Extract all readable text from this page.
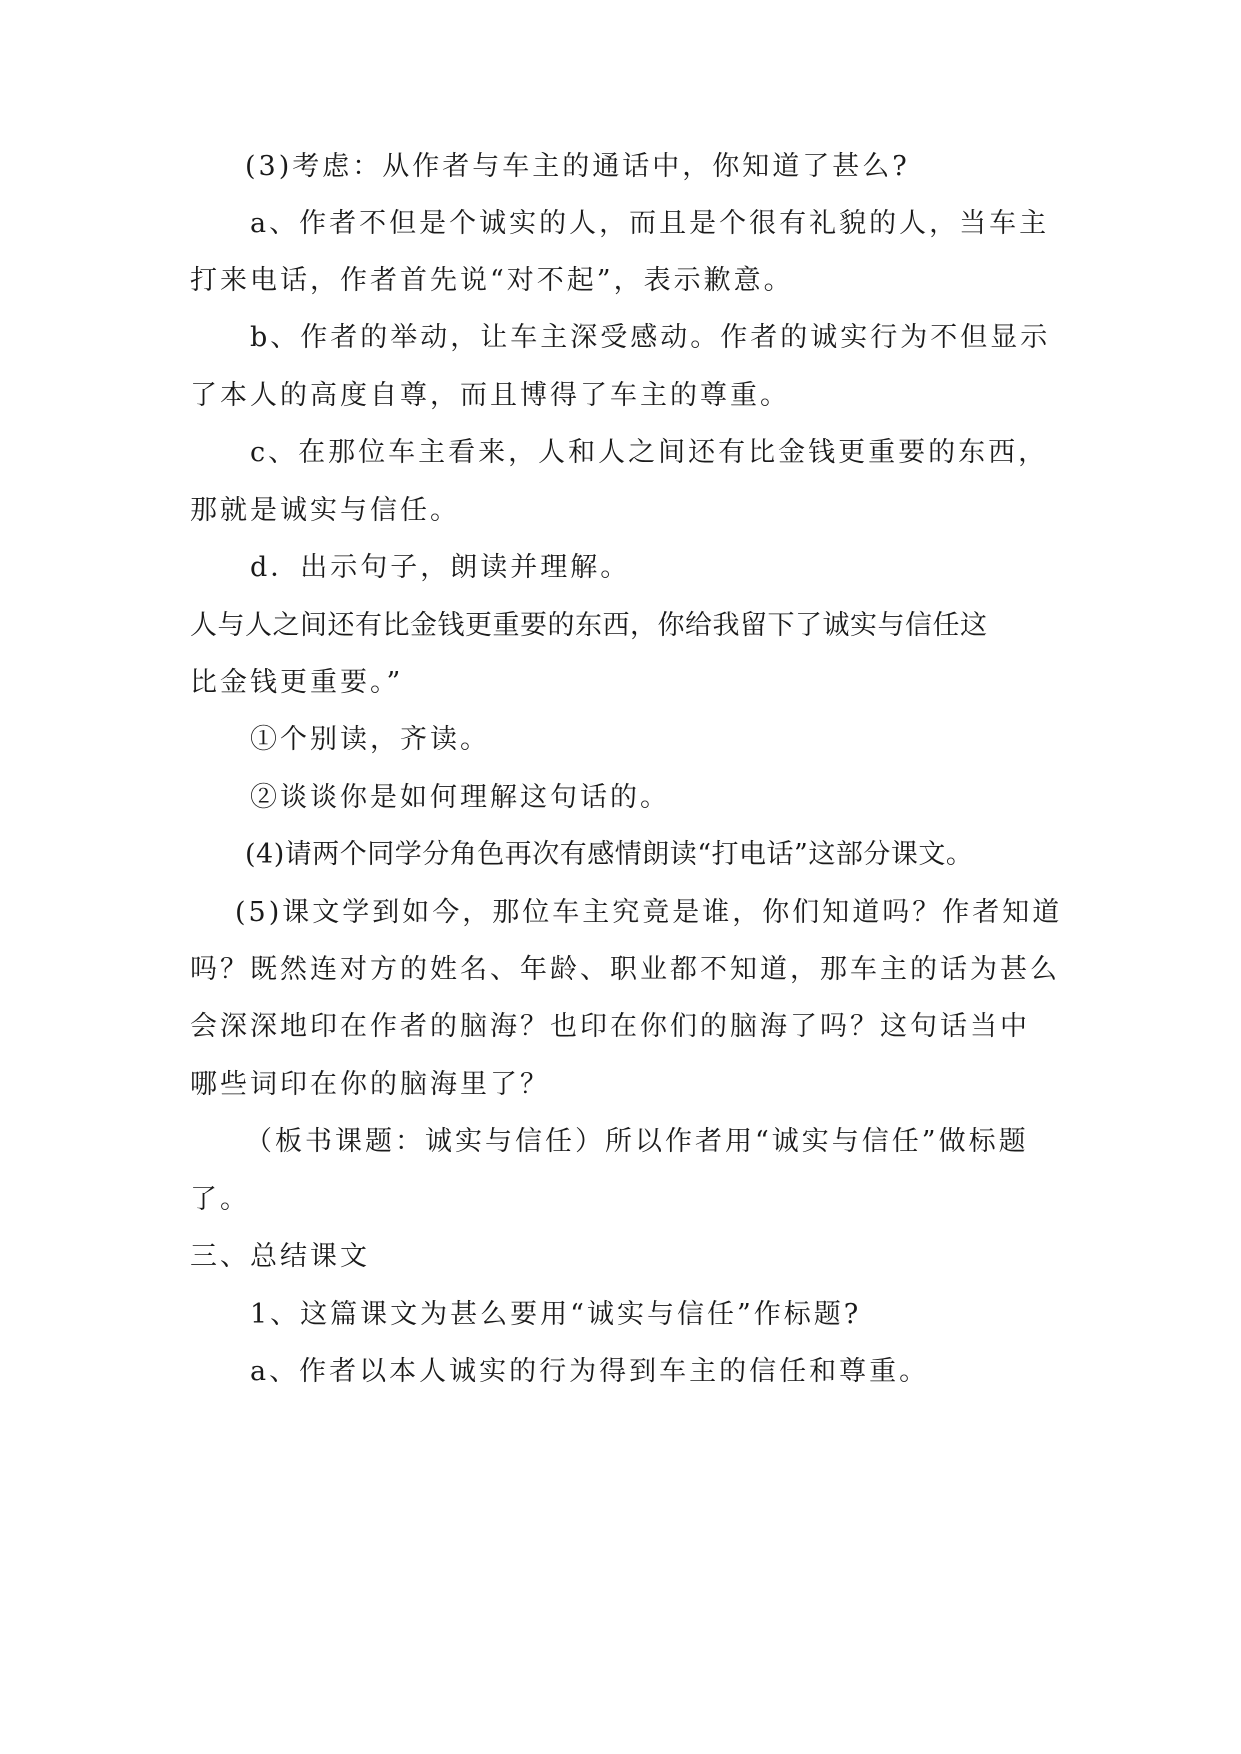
(3)考虑：从作者与车主的通话中，你知道了甚么?
a、作者不但是个诚实的人，而且是个很有礼貌的人，当车主
打来电话，作者首先说“对不起”，表示歉意。
b、作者的举动，让车主深受感动。作者的诚实行为不但显示
了本人的高度自尊，而且博得了车主的尊重。
c、在那位车主看来，人和人之间还有比金钱更重要的东西，
那就是诚实与信任。
d．出示句子，朗读并理解。
人与人之间还有比金钱更重要的东西，你给我留下了诚实与信任这
比金钱更重要。”
①个别读，齐读。
②谈谈你是如何理解这句话的。
(4)请两个同学分角色再次有感情朗读“打电话”这部分课文。
(5)课文学到如今，那位车主究竟是谁，你们知道吗？作者知道
吗？既然连对方的姓名、年龄、职业都不知道，那车主的话为甚么
会深深地印在作者的脑海？也印在你们的脑海了吗？这句话当中
哪些词印在你的脑海里了？
（板书课题：诚实与信任）所以作者用“诚实与信任”做标题
了。
三、总结课文
1、这篇课文为甚么要用“诚实与信任”作标题?
a、作者以本人诚实的行为得到车主的信任和尊重。
